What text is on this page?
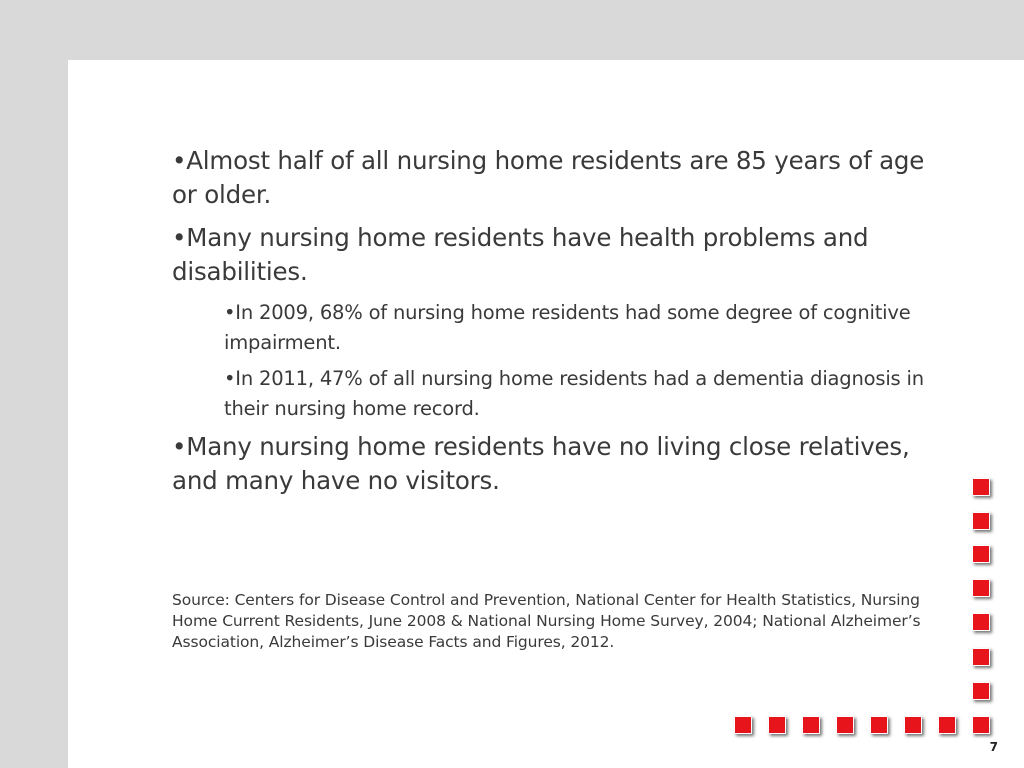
•Almost half of all nursing home residents are 85 years of age or older.
•Many nursing home residents have health problems and disabilities.
•In 2009, 68% of nursing home residents had some degree of cognitive impairment.
•In 2011, 47% of all nursing home residents had a dementia diagnosis in their nursing home record.
•Many nursing home residents have no living close relatives, and many have no visitors.
Source: Centers for Disease Control and Prevention, National Center for Health Statistics, Nursing Home Current Residents, June 2008 & National Nursing Home Survey, 2004; National Alzheimer’s Association, Alzheimer’s Disease Facts and Figures, 2012.
7
